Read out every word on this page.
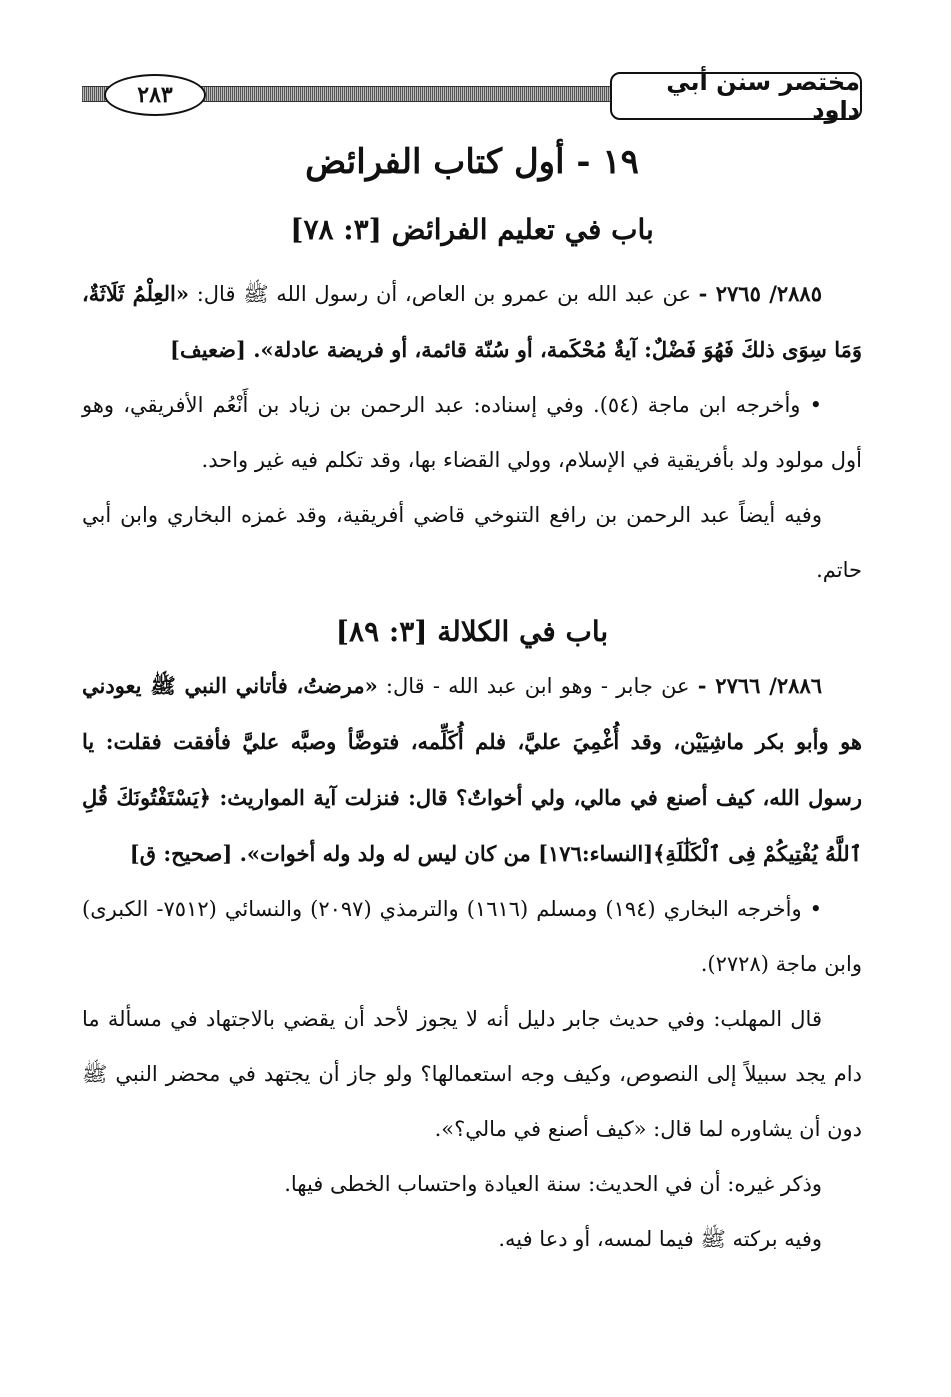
مختصر سنن أبي داود
٢٨٣
١٩ - أول كتاب الفرائض
باب في تعليم الفرائض [٣: ٧٨]

٢٨٨٥/ ٢٧٦٥ - عن عبد الله بن عمرو بن العاص، أن رسول الله ﷺ قال: «العِلْمُ ثَلَاثَةٌ، وَمَا سِوَى ذلكَ فَهُوَ فَضْلٌ: آيةٌ مُحْكَمة، أو سُنّة قائمة، أو فريضة عادلة». [ضعيف]

• وأخرجه ابن ماجة (٥٤). وفي إسناده: عبد الرحمن بن زياد بن أَنْعُم الأفريقي، وهو أول مولود ولد بأفريقية في الإسلام، وولي القضاء بها، وقد تكلم فيه غير واحد.

وفيه أيضاً عبد الرحمن بن رافع التنوخي قاضي أفريقية، وقد غمزه البخاري وابن أبي حاتم.

باب في الكلالة [٣: ٨٩]

٢٨٨٦/ ٢٧٦٦ - عن جابر - وهو ابن عبد الله - قال: «مرضتُ، فأتاني النبي ﷺ يعودني هو وأبو بكر ماشِيَيْن، وقد أُغْمِيَ عليَّ، فلم أُكَلِّمه، فتوضَّأ وصبَّه عليَّ فأفقت فقلت: يا رسول الله، كيف أصنع في مالي، ولي أخواتٌ؟ قال: فنزلت آية المواريث: ﴿يَسْتَفْتُونَكَ قُلِ ٱللَّهُ يُفْتِيكُمْ فِى ٱلْكَلَٰلَةِ﴾[النساء:١٧٦] من كان ليس له ولد وله أخوات». [صحيح: ق]

• وأخرجه البخاري (١٩٤) ومسلم (١٦١٦) والترمذي (٢٠٩٧) والنسائي (٧٥١٢- الكبرى) وابن ماجة (٢٧٢٨).

قال المهلب: وفي حديث جابر دليل أنه لا يجوز لأحد أن يقضي بالاجتهاد في مسألة ما دام يجد سبيلاً إلى النصوص، وكيف وجه استعمالها؟ ولو جاز أن يجتهد في محضر النبي ﷺ دون أن يشاوره لما قال: «كيف أصنع في مالي؟».

وذكر غيره: أن في الحديث: سنة العيادة واحتساب الخطى فيها.

وفيه بركته ﷺ فيما لمسه، أو دعا فيه.
